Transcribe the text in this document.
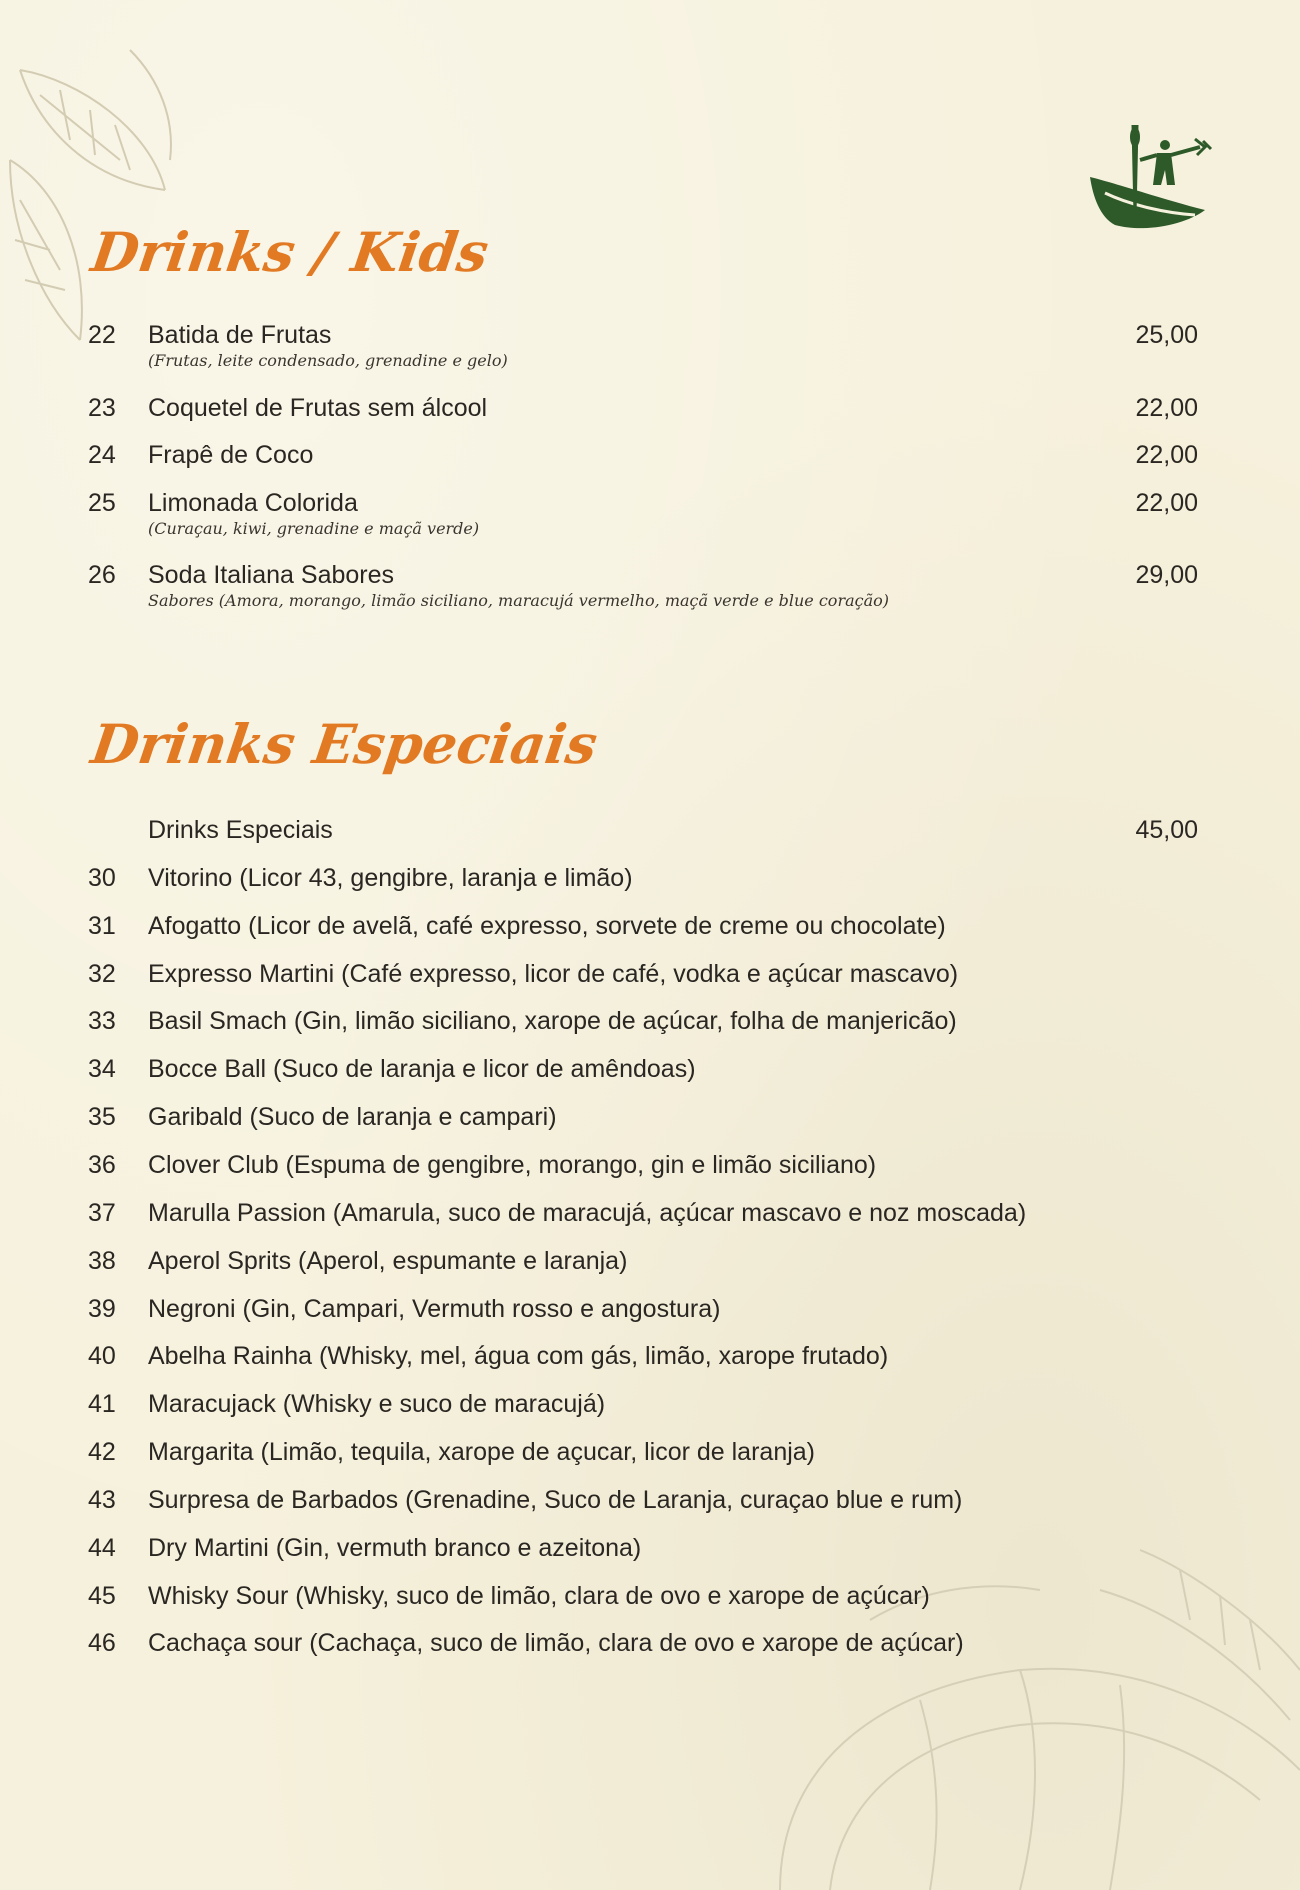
Drinks / Kids
22 Batida de Frutas	25,00
(Frutas, leite condensado, grenadine e gelo)
23 Coquetel de Frutas sem álcool	22,00
24 Frapê de Coco	22,00
25 Limonada Colorida	22,00
(Curaçau, kiwi, grenadine e maçã verde)
26 Soda Italiana Sabores	29,00
Sabores (Amora, morango, limão siciliano, maracujá vermelho, maçã verde e blue coração)
Drinks Especiais
Drinks Especiais	45,00
30 Vitorino (Licor 43, gengibre, laranja e limão)
31 Afogatto (Licor de avelã, café expresso, sorvete de creme ou chocolate)
32 Expresso Martini (Café expresso, licor de café, vodka e açúcar mascavo)
33 Basil Smach (Gin, limão siciliano, xarope de açúcar, folha de manjericão)
34 Bocce Ball (Suco de laranja e licor de amêndoas)
35 Garibald (Suco de laranja e campari)
36 Clover Club (Espuma de gengibre, morango, gin e limão siciliano)
37 Marulla Passion (Amarula, suco de maracujá, açúcar mascavo e noz moscada)
38 Aperol Sprits (Aperol, espumante e laranja)
39 Negroni (Gin, Campari, Vermuth rosso e angostura)
40 Abelha Rainha (Whisky, mel, água com gás, limão, xarope frutado)
41 Maracujack (Whisky e suco de maracujá)
42 Margarita (Limão, tequila, xarope de açucar, licor de laranja)
43 Surpresa de Barbados (Grenadine, Suco de Laranja, curaçao blue e rum)
44 Dry Martini (Gin, vermuth branco e azeitona)
45 Whisky Sour (Whisky, suco de limão, clara de ovo e xarope de açúcar)
46 Cachaça sour (Cachaça, suco de limão, clara de ovo e xarope de açúcar)
